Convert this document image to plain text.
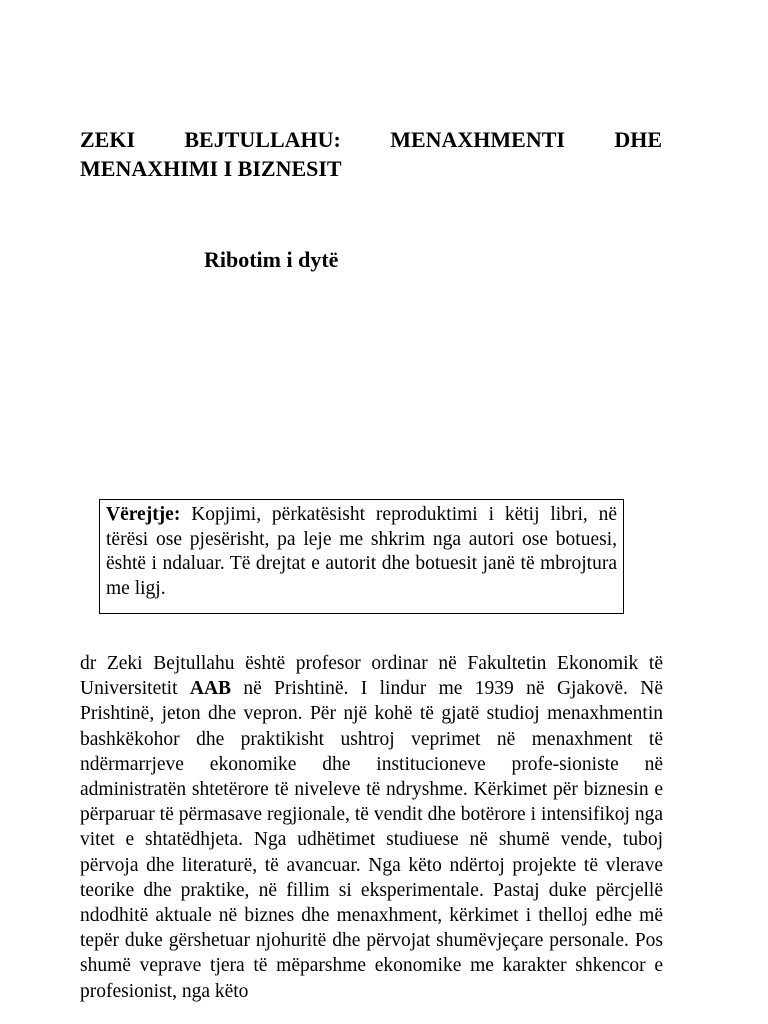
ZEKI BEJTULLAHU: MENAXHMENTI DHE MENAXHIMI I BIZNESIT
Ribotim i dytë
Vërejtje: Kopjimi, përkatësisht reproduktimi i këtij libri, në tërësi ose pjesërisht, pa leje me shkrim nga autori ose botuesi, është i ndaluar. Të drejtat e autorit dhe botuesit janë të mbrojtura me ligj.

dr Zeki Bejtullahu është profesor ordinar në Fakultetin Ekonomik të Universitetit AAB në Prishtinë. I lindur me 1939 në Gjakovë. Në Prishtinë, jeton dhe vepron. Për një kohë të gjatë studioj menaxhmentin bashkëkohor dhe praktikisht ushtroj veprimet në menaxhment të ndërmarrjeve ekonomike dhe institucioneve profe-sioniste në administratën shtetërore të niveleve të ndryshme. Kërkimet për biznesin e përparuar të përmasave regjionale, të vendit dhe botërore i intensifikoj nga vitet e shtatëdhjeta. Nga udhëtimet studiuese në shumë vende, tuboj përvoja dhe literaturë, të avancuar. Nga këto ndërtoj projekte të vlerave teorike dhe praktike, në fillim si eksperimentale. Pastaj duke përcjellë ndodhitë aktuale në biznes dhe menaxhment, kërkimet i thelloj edhe më tepër duke gërshetuar njohuritë dhe përvojat shumëvjeçare personale. Pos shumë veprave tjera të mëparshme ekonomike me karakter shkencor e profesionist, nga këto
